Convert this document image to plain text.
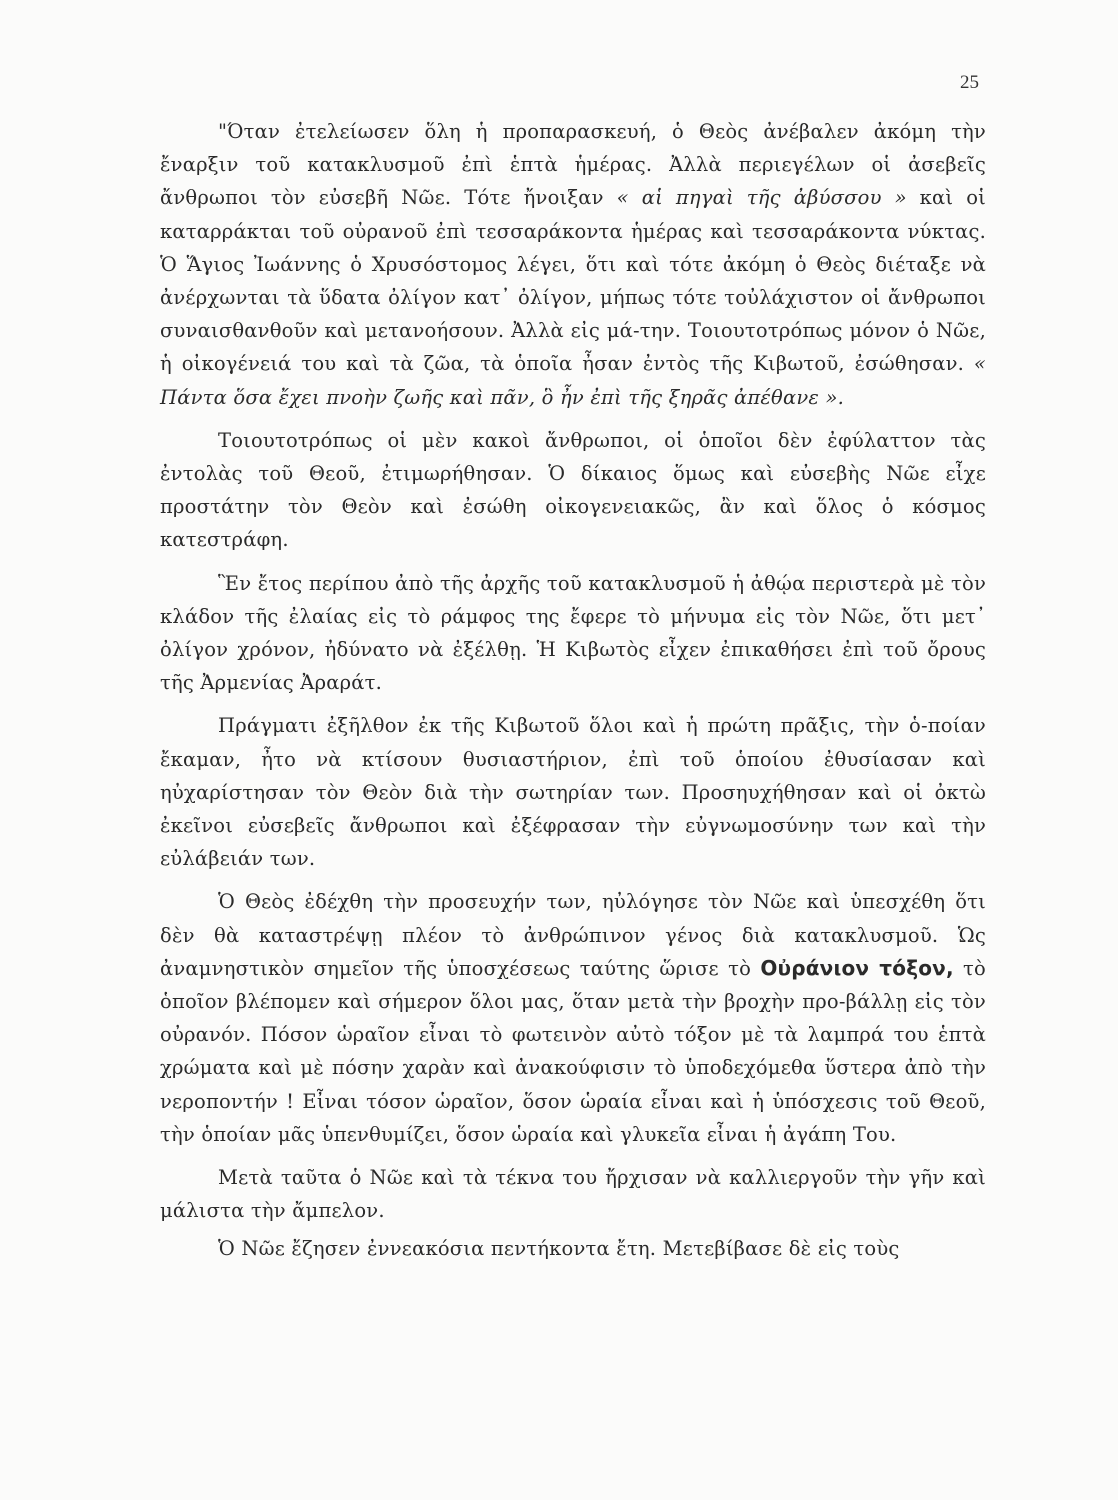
25

"Όταν ἐτελείωσεν ὅλη ἡ προπαρασκευή, ὁ Θεὸς ἀνέβαλεν ἀκόμη τὴν ἔναρξιν τοῦ κατακλυσμοῦ ἐπὶ ἑπτὰ ἡμέρας. Ἀλλὰ περιεγέλων οἱ ἀσεβεῖς ἄνθρωποι τὸν εὐσεβῆ Νῶε. Τότε ἤνοιξαν « αἱ πηγαὶ τῆς ἀβύσσου » καὶ οἱ καταρράκται τοῦ οὐρανοῦ ἐπὶ τεσσαράκοντα ἡμέρας καὶ τεσσαράκοντα νύκτας. Ὁ Ἅγιος Ἰωάννης ὁ Χρυσόστομος λέγει, ὅτι καὶ τότε ἀκόμη ὁ Θεὸς διέταξε νὰ ἀνέρχωνται τὰ ὕδατα ὀλίγον κατ᾽ ὀλίγον, μήπως τότε τοὐλάχιστον οἱ ἄνθρωποι συναισθανθοῦν καὶ μετανοήσουν. Ἀλλὰ εἰς μά-την. Τοιουτοτρόπως μόνον ὁ Νῶε, ἡ οἰκογένειά του καὶ τὰ ζῶα, τὰ ὁποῖα ἦσαν ἐντὸς τῆς Κιβωτοῦ, ἐσώθησαν. « Πάντα ὅσα ἔχει πνοὴν ζωῆς καὶ πᾶν, ὃ ἦν ἐπὶ τῆς ξηρᾶς ἀπέθανε ».

Τοιουτοτρόπως οἱ μὲν κακοὶ ἄνθρωποι, οἱ ὁποῖοι δὲν ἐφύλαττον τὰς ἐντολὰς τοῦ Θεοῦ, ἐτιμωρήθησαν. Ὁ δίκαιος ὅμως καὶ εὐσεβὴς Νῶε εἶχε προστάτην τὸν Θεὸν καὶ ἐσώθη οἰκογενειακῶς, ἂν καὶ ὅλος ὁ κόσμος κατεστράφη.

Ἓν ἔτος περίπου ἀπὸ τῆς ἀρχῆς τοῦ κατακλυσμοῦ ἡ ἀθῴα περιστερὰ μὲ τὸν κλάδον τῆς ἐλαίας εἰς τὸ ράμφος της ἔφερε τὸ μήνυμα εἰς τὸν Νῶε, ὅτι μετ᾽ ὀλίγον χρόνον, ἠδύνατο νὰ ἐξέλθῃ. Ἡ Κιβωτὸς εἶχεν ἐπικαθήσει ἐπὶ τοῦ ὄρους τῆς Ἀρμενίας Ἀραράτ.

Πράγματι ἐξῆλθον ἐκ τῆς Κιβωτοῦ ὅλοι καὶ ἡ πρώτη πρᾶξις, τὴν ὁ-ποίαν ἔκαμαν, ἦτο νὰ κτίσουν θυσιαστήριον, ἐπὶ τοῦ ὁποίου ἐθυσίασαν καὶ ηὐχαρίστησαν τὸν Θεὸν διὰ τὴν σωτηρίαν των. Προσηυχήθησαν καὶ οἱ ὀκτὼ ἐκεῖνοι εὐσεβεῖς ἄνθρωποι καὶ ἐξέφρασαν τὴν εὐγνωμοσύνην των καὶ τὴν εὐλάβειάν των.

Ὁ Θεὸς ἐδέχθη τὴν προσευχήν των, ηὐλόγησε τὸν Νῶε καὶ ὑπεσχέθη ὅτι δὲν θὰ καταστρέψῃ πλέον τὸ ἀνθρώπινον γένος διὰ κατακλυσμοῦ. Ὡς ἀναμνηστικὸν σημεῖον τῆς ὑποσχέσεως ταύτης ὥρισε τὸ Οὐράνιον τόξον, τὸ ὁποῖον βλέπομεν καὶ σήμερον ὅλοι μας, ὅταν μετὰ τὴν βροχὴν προ-βάλλῃ εἰς τὸν οὐρανόν. Πόσον ὡραῖον εἶναι τὸ φωτεινὸν αὐτὸ τόξον μὲ τὰ λαμπρά του ἑπτὰ χρώματα καὶ μὲ πόσην χαρὰν καὶ ἀνακούφισιν τὸ ὑποδεχόμεθα ὕστερα ἀπὸ τὴν νεροποντήν ! Εἶναι τόσον ὡραῖον, ὅσον ὡραία εἶναι καὶ ἡ ὑπόσχεσις τοῦ Θεοῦ, τὴν ὁποίαν μᾶς ὑπενθυμίζει, ὅσον ὡραία καὶ γλυκεῖα εἶναι ἡ ἀγάπη Του.

Μετὰ ταῦτα ὁ Νῶε καὶ τὰ τέκνα του ἤρχισαν νὰ καλλιεργοῦν τὴν γῆν καὶ μάλιστα τὴν ἄμπελον.

Ὁ Νῶε ἔζησεν ἐννεακόσια πεντήκοντα ἔτη. Μετεβίβασε δὲ εἰς τοὺς
